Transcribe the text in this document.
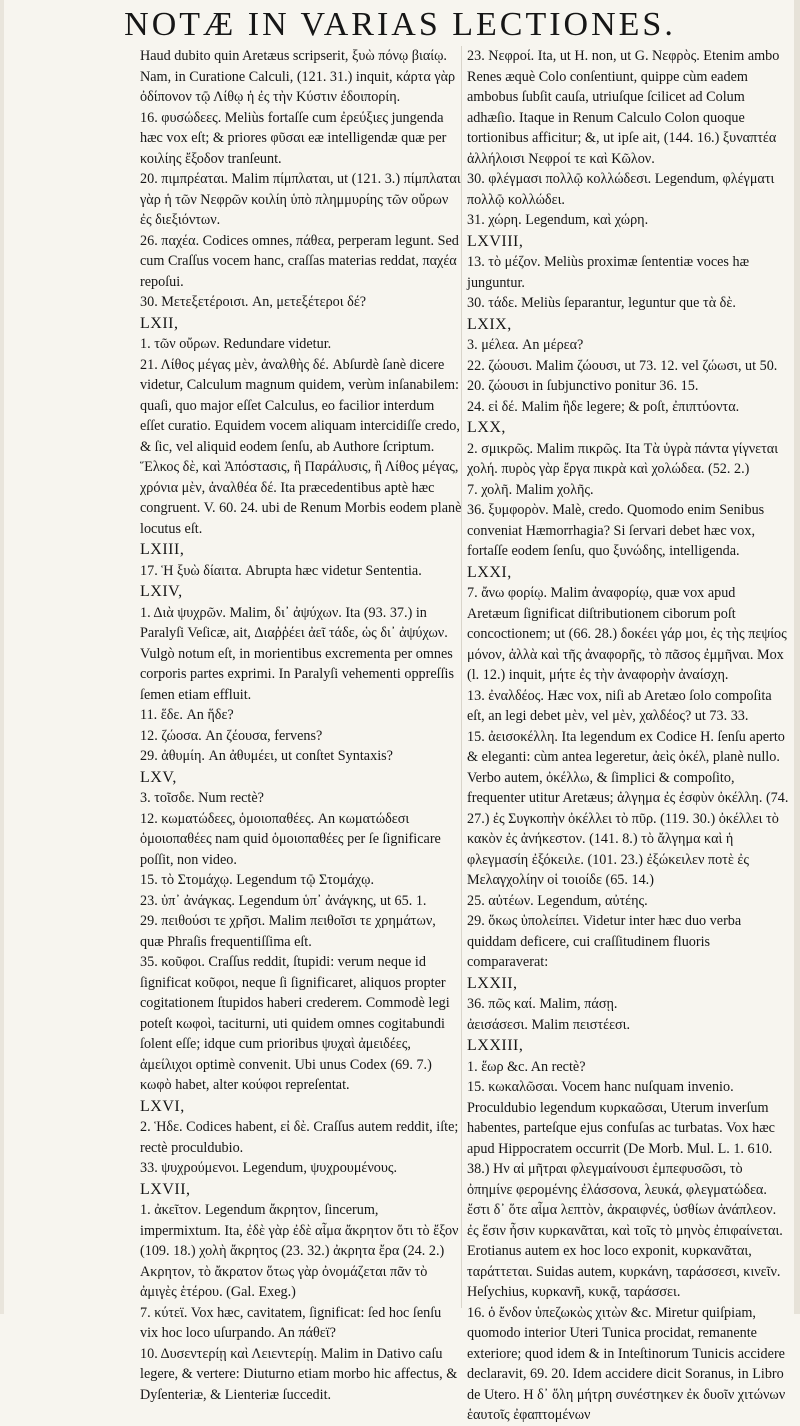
NOTÆ IN VARIAS LECTIONES.

Haud dubito quin Aretæus scripserit, ξυὼ πόνῳ βιαίῳ. Nam, in Curatione Calculi, (121. 31.) inquit, κάρτα γὰρ ὀδίπονον τῷ Λίθῳ ἡ ἐς τὴν Κύστιν ἐδοιπορίη.

16. φυσώδεες. Meliùs fortaſſe cum ἐρεύξιες jungenda hæc vox eſt; & priores φῦσαι eæ intelligendæ quæ per κοιλίης ἔξοδον tranſeunt.

20. πιμπρέαται. Malim πίμπλαται, ut (121. 3.) πίμπλαται γὰρ ἡ τῶν Νεφρῶν κοιλίη ὑπὸ πλημμυρίης τῶν οὔρων ἐς διεξιόντων.

26. παχέα. Codices omnes, πάθεα, perperam legunt. Sed cum Craſſus vocem hanc, craſſas materias reddat, παχέα repoſui.

30. Μετεξετέροισι. An, μετεξέτεροι δέ?

LXII,

1. τῶν οὔρων. Redundare videtur.

21. Λίθος μέγας μὲν, ἀναλθὴς δέ. Abſurdè ſanè dicere videtur, Calculum magnum quidem, verùm inſanabilem: quaſi, quo major eſſet Calculus, eo facilior interdum eſſet curatio. Equidem vocem aliquam intercidiſſe credo, & ſic, vel aliquid eodem ſenſu, ab Authore ſcriptum. Ἕλκος δὲ, καὶ Ἀπόστασις, ἢ Παράλυσις, ἢ Λίθος μέγας, χρόνια μὲν, ἀναλθέα δέ. Ita præcedentibus aptè hæc congruent. V. 60. 24. ubi de Renum Morbis eodem planè locutus eſt.

LXIII,

17. Ἡ ξυὼ δίαιτα. Abrupta hæc videtur Sententia.

LXIV,

1. Διὰ ψυχρῶν. Malim, δι᾽ ἀψύχων. Ita (93. 37.) in Paralyſi Veſicæ, ait, Διαῤῥέει ἀεῖ τάδε, ὡς δι᾽ ἀψύχων. Vulgò notum eſt, in morientibus excrementa per omnes corporis partes exprimi. In Paralyſi vehementi oppreſſis ſemen etiam effluit.

11. ἕδε. An ἥδε?

12. ζώοσα. An ζέουσα, fervens?

29. ἀθυμίη. An ἀθυμέει, ut conſtet Syntaxis?

LXV,

3. τοῖσδε. Num rectè?

12. κωματώδεες, ὁμοιοπαθέες. An κωματώδεσι ὁμοιοπαθέες nam quid ὁμοιοπαθέες per ſe ſignificare poſſit, non video.

15. τὸ Στομάχῳ. Legendum τῷ Στομάχῳ.

23. ὑπ᾽ ἀνάγκας. Legendum ὑπ᾽ ἀνάγκης, ut 65. 1.

29. πειθούσι τε χρῆσι. Malim πειθοῖσι τε χρημάτων, quæ Phraſis frequentiſſima eſt.

35. κοῦφοι. Craſſus reddit, ſtupidi: verum neque id ſignificat κοῦφοι, neque ſi ſignificaret, aliquos propter cogitationem ſtupidos haberi crederem. Commodè legi poteſt κωφοὶ, taciturni, uti quidem omnes cogitabundi ſolent eſſe; idque cum prioribus ψυχαὶ ἀμειδέες, ἀμείλιχοι optimè convenit. Ubi unus Codex (69. 7.) κωφὸ habet, alter κούφοι repreſentat.

LXVI,

2. Ἡδε. Codices habent, εἰ δὲ. Craſſus autem reddit, iſte; rectè proculdubio.

33. ψυχρούμενοι. Legendum, ψυχρουμένους.

LXVII,

1. ἀκεῖτον. Legendum ἄκρητον, ſincerum, impermixtum. Ita, ἐδὲ γὰρ ἐδὲ αἷμα ἄκρητον ὅτι τὸ ἔξον (109. 18.) χολὴ ἄκρητος (23. 32.) ἀκρητα ἔρα (24. 2.) Ακρητον, τὸ ἄκρατον ὅτως γὰρ ὀνομάζεται πᾶν τὸ ἀμιγὲς ἑτέρου. (Gal. Exeg.)

7. κύτεϊ. Vox hæc, cavitatem, ſignificat: ſed hoc ſenſu vix hoc loco uſurpando. An πάθεϊ?

10. Δυσεντερίῃ καὶ Λειεντερίῃ. Malim in Dativo caſu legere, & vertere: Diuturno etiam morbo hic affectus, & Dyſenteriæ, & Lienteriæ ſuccedit.

23. Νεφροί. Ita, ut H. non, ut G. Νεφρὸς. Etenim ambo Renes æquè Colo conſentiunt, quippe cùm eadem ambobus ſubſit cauſa, utriuſque ſcilicet ad Colum adhæſio. Itaque in Renum Calculo Colon quoque tortionibus afficitur; &, ut ipſe ait, (144. 16.) ξυναπτέα ἀλλήλοισι Νεφροί τε καὶ Κῶλον.

30. φλέγμασι πολλῷ κολλώδεσι. Legendum, φλέγματι πολλῷ κολλώδει.

31. χώρη. Legendum, καὶ χώρη.

LXVIII,

13. τὸ μέζον. Meliùs proximæ ſententiæ voces hæ junguntur.

30. τάδε. Meliùs ſeparantur, leguntur que τὰ δὲ.

LXIX,

3. μέλεα. An μέρεα?

22. ζώουσι. Malim ζώουσι, ut 73. 12. vel ζώωσι, ut 50. 20. ζώουσι in ſubjunctivo ponitur 36. 15.

24. εἰ δέ. Malim ἢδε legere; & poſt, ἐπιπτύοντα.

LXX,

2. σμικρῶς. Malim πικρῶς. Ita Τὰ ὑγρὰ πάντα γίγνεται χολή. πυρὸς γὰρ ἔργα πικρὰ καὶ χολώδεα. (52. 2.)

7. χολῆ. Malim χολῆς.

36. ξυμφορὸν. Malè, credo. Quomodo enim Senibus conveniat Hæmorrhagia? Si ſervari debet hæc vox, fortaſſe eodem ſenſu, quo ξυνώδης, intelligenda.

LXXI,

7. ἄνω φορίῳ. Malim ἀναφορίῳ, quæ vox apud Aretæum ſignificat diſtributionem ciborum poſt concoctionem; ut (66. 28.) δοκέει γάρ μοι, ἐς τὴς πεψίος μόνον, ἀλλὰ καὶ τῆς ἀναφορῆς, τὸ πᾶσος ἐμμῆναι. Mox (l. 12.) inquit, μήτε ἐς τὴν ἀναφορὴν ἀναίσχη.

13. ἐναλδέος. Hæc vox, niſi ab Aretæo ſolo compoſita eſt, an legi debet μὲν, vel μὲν, χαλδέος? ut 73. 33.

15. ἀεισοκέλλη. Ita legendum ex Codice H. ſenſu aperto & eleganti: cùm antea legeretur, ἀεὶς ὀκέλ, planè nullo. Verbo autem, ὀκέλλω, & ſimplici & compoſito, frequenter utitur Aretæus; ἀλγημα ἐς ἐσφὺν ὀκέλλη. (74. 27.) ἐς Συγκοπὴν ὀκέλλει τὸ πῦρ. (119. 30.) ὀκέλλει τὸ κακὸν ἐς ἀνήκεστον. (141. 8.) τὸ ἄλγημα καὶ ἡ φλεγμασίη ἐξόκειλε. (101. 23.) ἐξώκειλεν ποτὲ ἐς Μελαγχολίην οἱ τοιοίδε (65. 14.)

25. αὐτέων. Legendum, αὐτέης.

29. ὅκως ὑπολείπει. Videtur inter hæc duo verba quiddam deficere, cui craſſitudinem fluoris comparaverat:

LXXII,

36. πῶς καί. Malim, πάσῃ.

ἀεισάσεσι. Malim πειστέεσι.

LXXIII,

1. ἕωρ &c. An rectè?

15. κωκαλῶσαι. Vocem hanc nuſquam invenio. Proculdubio legendum κυρκαῶσαι, Uterum inverſum habentes, parteſque ejus confuſas ac turbatas. Vox hæc apud Hippocratem occurrit (De Morb. Mul. L. 1. 610. 38.) Ην αἱ μῆτραι φλεγμαίνουσι ἐμπεφυσῶσι, τὸ ὀπημίνε φερομένης ἐλάσσονα, λευκά, φλεγματώδεα. ἔστι δ᾽ ὅτε αἷμα λεπτὸν, ἀκραιφνές, ὑσθίων ἀνάπλεον. ἐς ἔσιν ἦσιν κυρκανᾶται, καὶ τοῖς τὸ μηνὸς ἐπιφαίνεται. Erotianus autem ex hoc loco exponit, κυρκανᾶται, ταράττεται. Suidas autem, κυρκάνη, ταράσσεσι, κινεῖν. Heſychius, κυρκανῆ, κυκᾷ, ταράσσει.

16. ὁ ἔνδον ὑπεζωκὼς χιτὼν &c. Miretur quiſpiam, quomodo interior Uteri Tunica procidat, remanente exteriore; quod idem & in Inteſtinorum Tunicis accidere declaravit, 69. 20. Idem accidere dicit Soranus, in Libro de Utero. Η δ᾽ ὅλη μήτρη συνέστηκεν ἐκ δυοῖν χιτώνων ἑαυτοῖς ἐφαπτομένων
